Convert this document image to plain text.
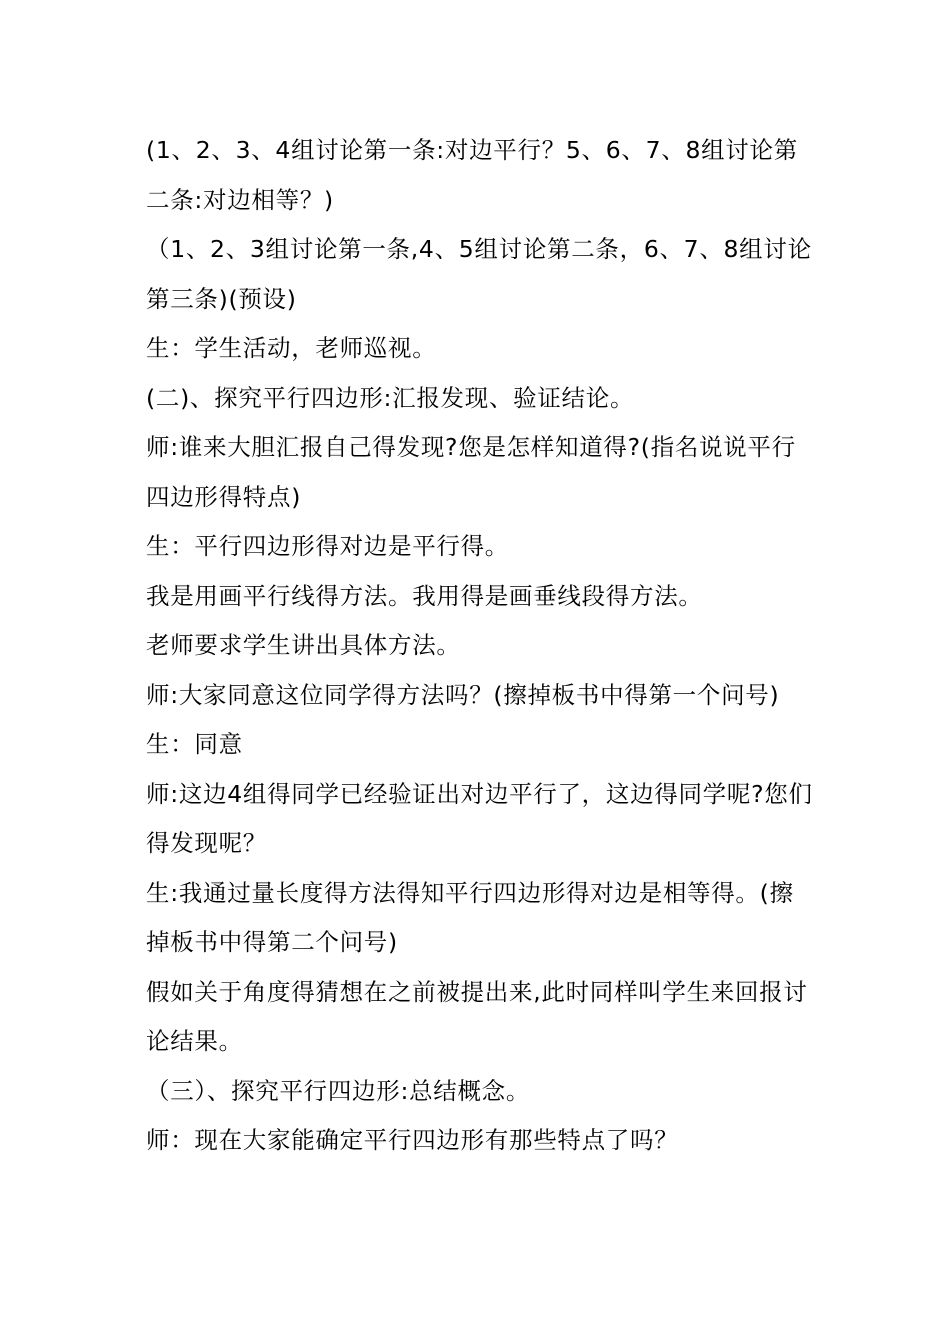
(1、2、3、4组讨论第一条:对边平行？5、6、7、8组讨论第二条:对边相等？)

（1、2、3组讨论第一条,4、5组讨论第二条，6、7、8组讨论第三条)(预设)

生：学生活动，老师巡视。

(二)、探究平行四边形:汇报发现、验证结论。

师:谁来大胆汇报自己得发现?您是怎样知道得?(指名说说平行四边形得特点)

生：平行四边形得对边是平行得。

我是用画平行线得方法。我用得是画垂线段得方法。

老师要求学生讲出具体方法。

师:大家同意这位同学得方法吗？(擦掉板书中得第一个问号)

生：同意

师:这边4组得同学已经验证出对边平行了，这边得同学呢?您们得发现呢？

生:我通过量长度得方法得知平行四边形得对边是相等得。(擦掉板书中得第二个问号)

假如关于角度得猜想在之前被提出来,此时同样叫学生来回报讨论结果。

（三）、探究平行四边形:总结概念。

师：现在大家能确定平行四边形有那些特点了吗？
